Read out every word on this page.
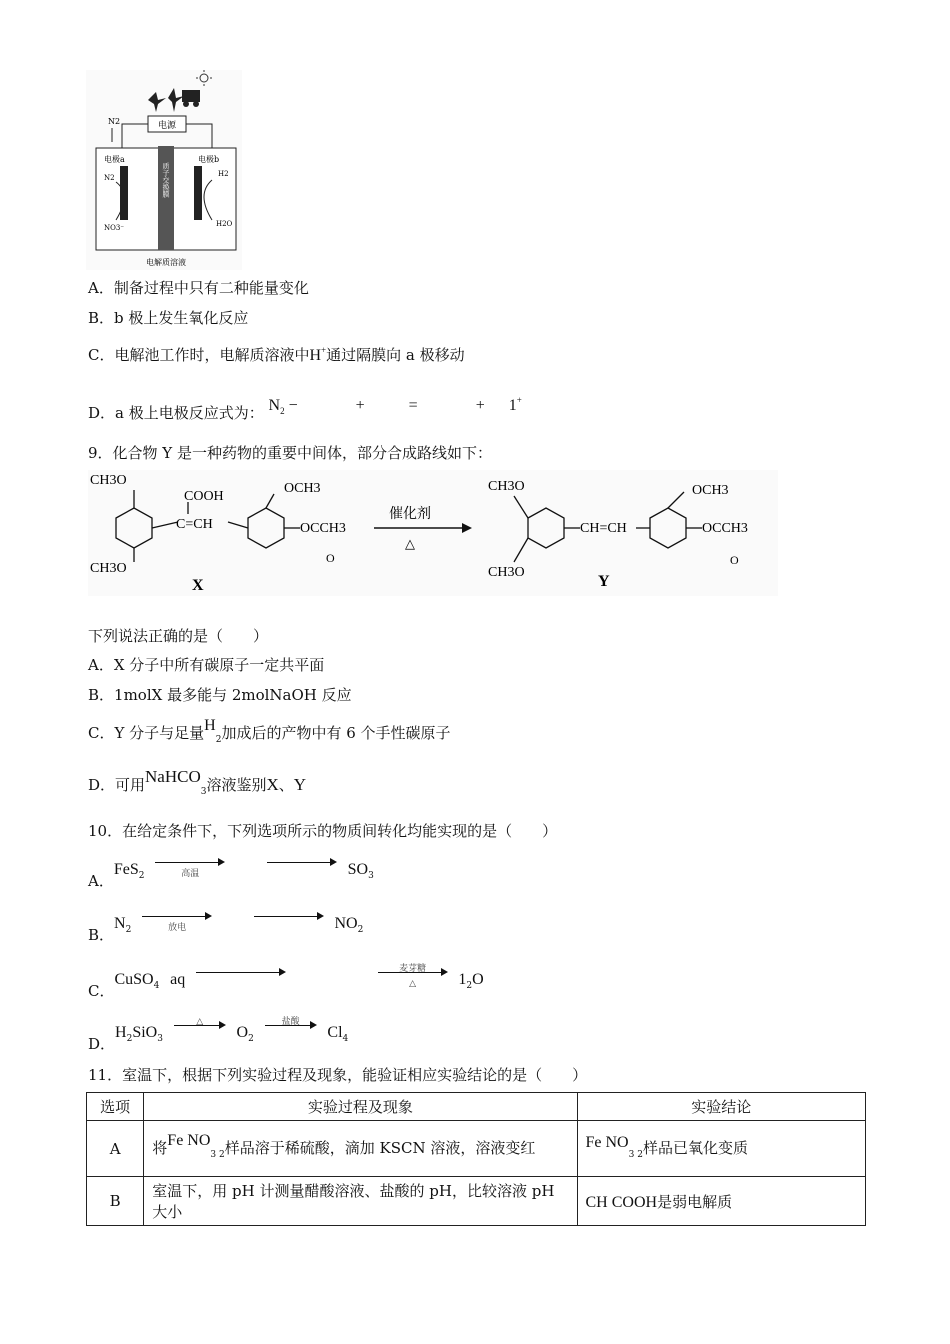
电源
N2
质子交换膜
电极a	电极b
N2
NO3⁻
H2
H2O
电解质溶液
A．制备过程中只有二种能量变化
B．b 极上发生氧化反应
C．电解池工作时，电解质溶液中H+通过隔膜向 a 极移动
D．a 极上电极反应式为： $N_2$ −	+	=	+ 1+
9．化合物 Y 是一种药物的重要中间体，部分合成路线如下：
CH3O
CH3O
COOH
C=CH
OCH3
OCCH3
O
X
催化剂
△
CH3O
CH3O
CH=CH
OCH3
OCCH3
O
Y
下列说法正确的是（　　）
A．X 分子中所有碳原子一定共平面
B．1molX 最多能与 2molNaOH 反应
C．Y 分子与足量$H_2$加成后的产物中有 6 个手性碳原子
D．可用NaHCO$_3$溶液鉴别X、Y
10．在给定条件下，下列选项所示的物质间转化均能实现的是（　　）
A．FeS$_2$	高温
	$SO_3$
B．$N_2$	放电
	$NO_2$
C．CuSO$_4$ aq

麦芽糖
△	$1_2O$
D．$H_2SiO_3$
△
$O_2$
盐酸
$Cl_4$
11．室温下，根据下列实验过程及现象，能验证相应实验结论的是（　　）
选项	实验过程及现象	实验结论
A	将Fe $NO_{3 2}$样品溶于稀硫酸，滴加 KSCN 溶液，溶液变红	Fe $NO_{3 2}$样品已氧化变质
B	室温下，用 pH 计测量醋酸溶液、盐酸的 pH，比较溶液 pH 大小	CH COOH是弱电解质
